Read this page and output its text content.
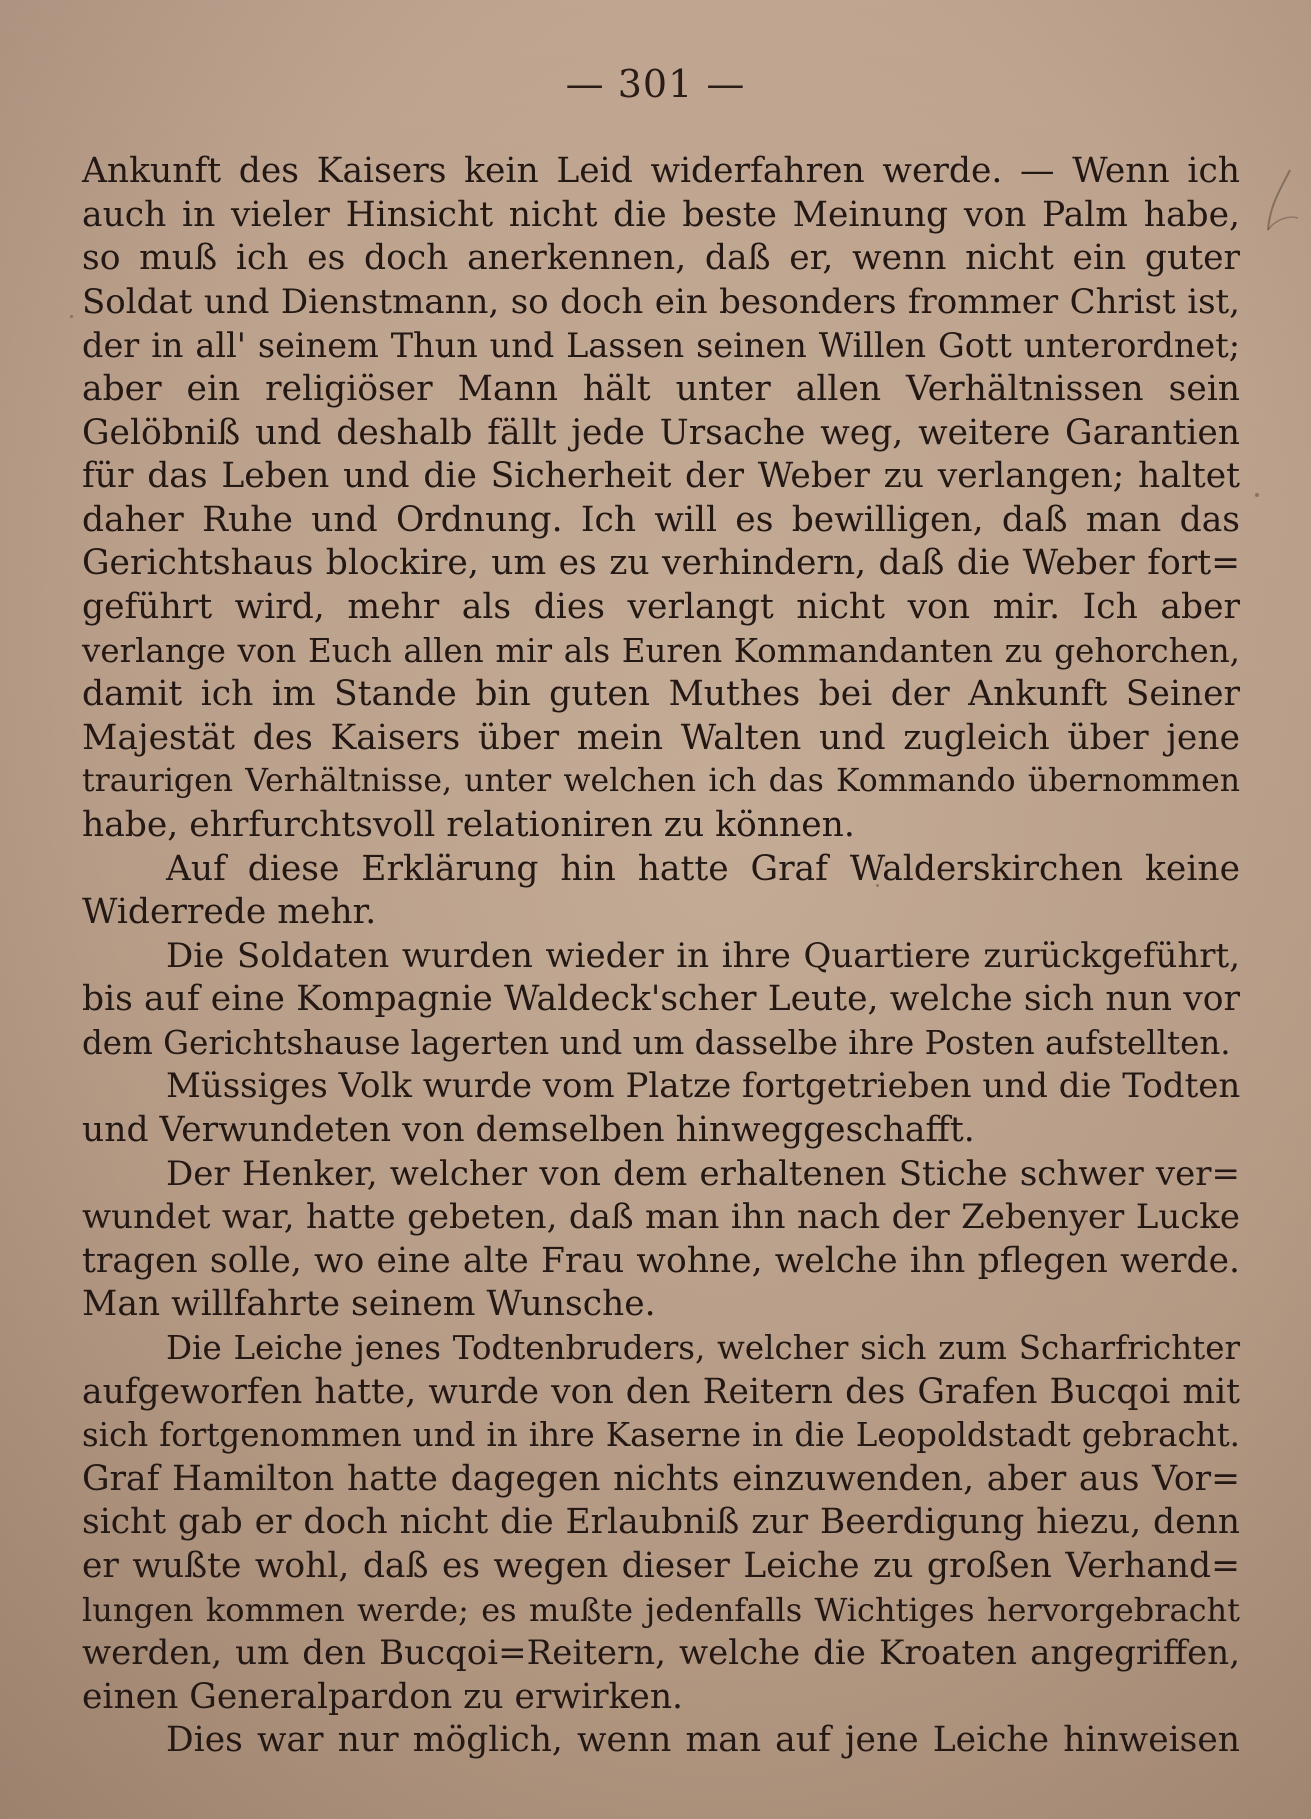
— 301 —
Ankunft des Kaisers kein Leid widerfahren werde. — Wenn ich
auch in vieler Hinsicht nicht die beste Meinung von Palm habe,
so muß ich es doch anerkennen, daß er, wenn nicht ein guter
Soldat und Dienstmann, so doch ein besonders frommer Christ ist,
der in all' seinem Thun und Lassen seinen Willen Gott unterordnet;
aber ein religiöser Mann hält unter allen Verhältnissen sein
Gelöbniß und deshalb fällt jede Ursache weg, weitere Garantien
für das Leben und die Sicherheit der Weber zu verlangen; haltet
daher Ruhe und Ordnung. Ich will es bewilligen, daß man das
Gerichtshaus blockire, um es zu verhindern, daß die Weber fort=
geführt wird, mehr als dies verlangt nicht von mir. Ich aber
verlange von Euch allen mir als Euren Kommandanten zu gehorchen,
damit ich im Stande bin guten Muthes bei der Ankunft Seiner
Majestät des Kaisers über mein Walten und zugleich über jene
traurigen Verhältnisse, unter welchen ich das Kommando übernommen
habe, ehrfurchtsvoll relationiren zu können.
Auf diese Erklärung hin hatte Graf Walderskirchen keine
Widerrede mehr.
Die Soldaten wurden wieder in ihre Quartiere zurückgeführt,
bis auf eine Kompagnie Waldeck'scher Leute, welche sich nun vor
dem Gerichtshause lagerten und um dasselbe ihre Posten aufstellten.
Müssiges Volk wurde vom Platze fortgetrieben und die Todten
und Verwundeten von demselben hinweggeschafft.
Der Henker, welcher von dem erhaltenen Stiche schwer ver=
wundet war, hatte gebeten, daß man ihn nach der Zebenyer Lucke
tragen solle, wo eine alte Frau wohne, welche ihn pflegen werde.
Man willfahrte seinem Wunsche.
Die Leiche jenes Todtenbruders, welcher sich zum Scharfrichter
aufgeworfen hatte, wurde von den Reitern des Grafen Bucqoi mit
sich fortgenommen und in ihre Kaserne in die Leopoldstadt gebracht.
Graf Hamilton hatte dagegen nichts einzuwenden, aber aus Vor=
sicht gab er doch nicht die Erlaubniß zur Beerdigung hiezu, denn
er wußte wohl, daß es wegen dieser Leiche zu großen Verhand=
lungen kommen werde; es mußte jedenfalls Wichtiges hervorgebracht
werden, um den Bucqoi=Reitern, welche die Kroaten angegriffen,
einen Generalpardon zu erwirken.
Dies war nur möglich, wenn man auf jene Leiche hinweisen
